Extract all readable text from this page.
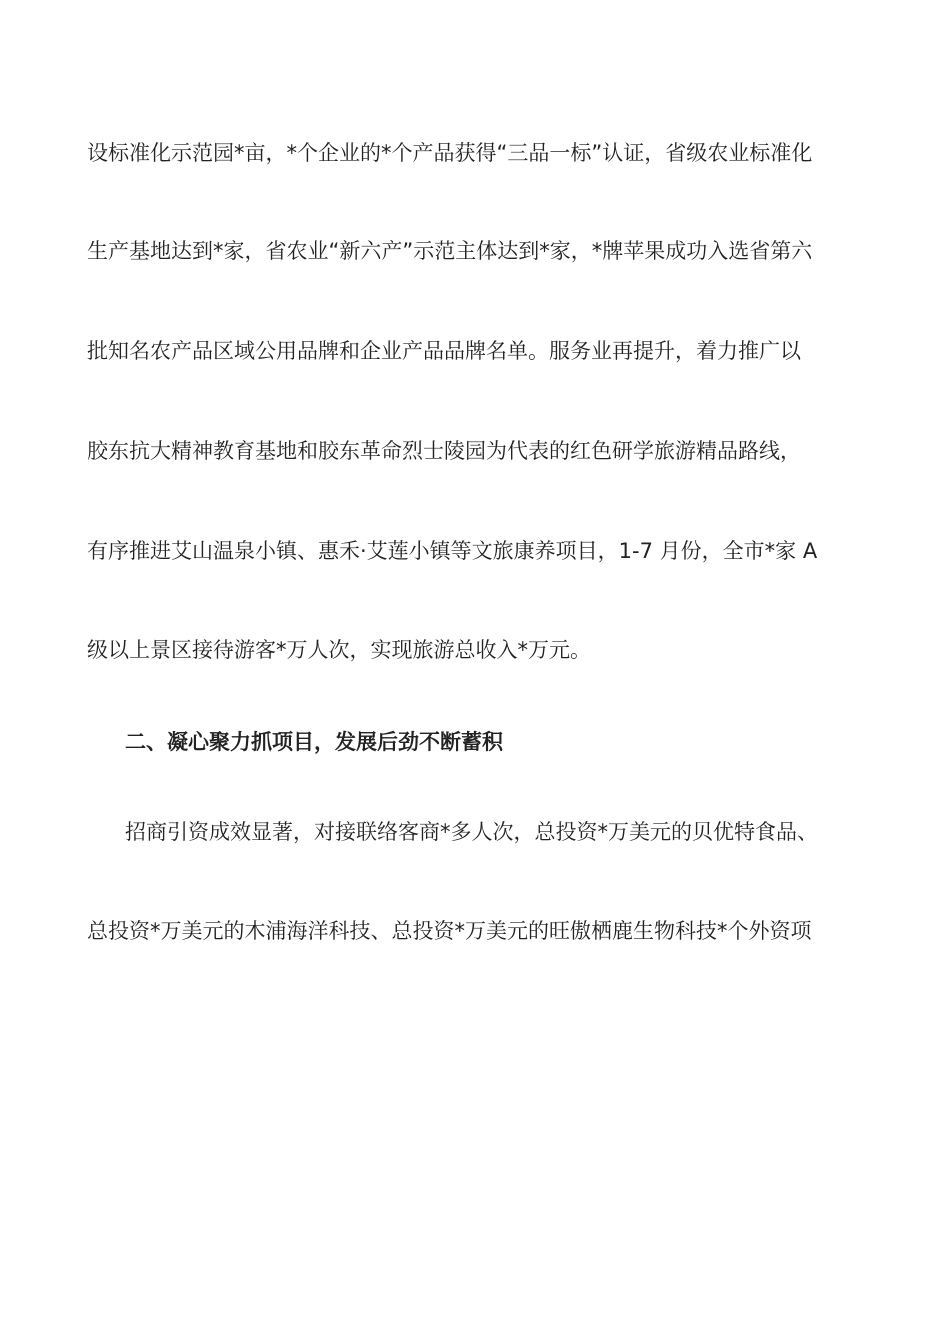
设标准化示范园*亩，*个企业的*个产品获得“三品一标”认证，省级农业标准化
生产基地达到*家，省农业“新六产”示范主体达到*家，*牌苹果成功入选省第六
批知名农产品区域公用品牌和企业产品品牌名单。服务业再提升，着力推广以
胶东抗大精神教育基地和胶东革命烈士陵园为代表的红色研学旅游精品路线，
有序推进艾山温泉小镇、惠禾·艾莲小镇等文旅康养项目，1-7 月份，全市*家 A
级以上景区接待游客*万人次，实现旅游总收入*万元。
二、凝心聚力抓项目，发展后劲不断蓄积
招商引资成效显著，对接联络客商*多人次，总投资*万美元的贝优特食品、
总投资*万美元的木浦海洋科技、总投资*万美元的旺傲栖鹿生物科技*个外资项
